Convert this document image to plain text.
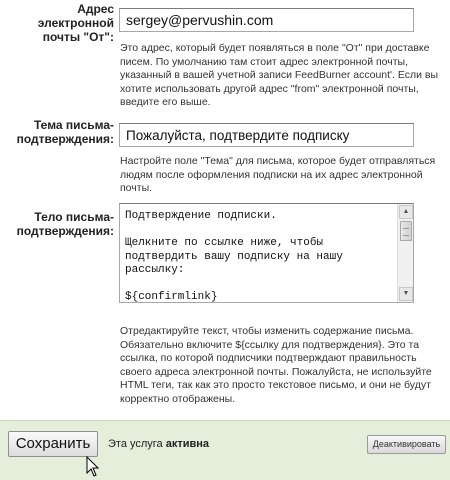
Адрес электронной почты "От":
sergey@pervushin.com
Это адрес, который будет появляться в поле "От" при доставке писем. По умолчанию там стоит адрес электронной почты, указанный в вашей учетной записи FeedBurner account'. Если вы хотите использовать другой адрес "from" электронной почты, введите его выше.
Тема письма-подтверждения:
Пожалуйста, подтвердите подписку
Настройте поле "Тема" для письма, которое будет отправляться людям после оформления подписки на их адрес электронной почты.
Тело письма-подтверждения:
Подтверждение подписки.

Щелкните по ссылке ниже, чтобы подтвердить вашу подписку на нашу рассылку:

${confirmlink}
▲
▼
Отредактируйте текст, чтобы изменить содержание письма. Обязательно включите ${ссылку для подтверждения}. Это та ссылка, по которой подписчики подтверждают правильность своего адреса электронной почты. Пожалуйста, не используйте HTML теги, так как это просто текстовое письмо, и они не будут корректно отображены.
Сохранить	Эта услуга активна	Деактивировать
